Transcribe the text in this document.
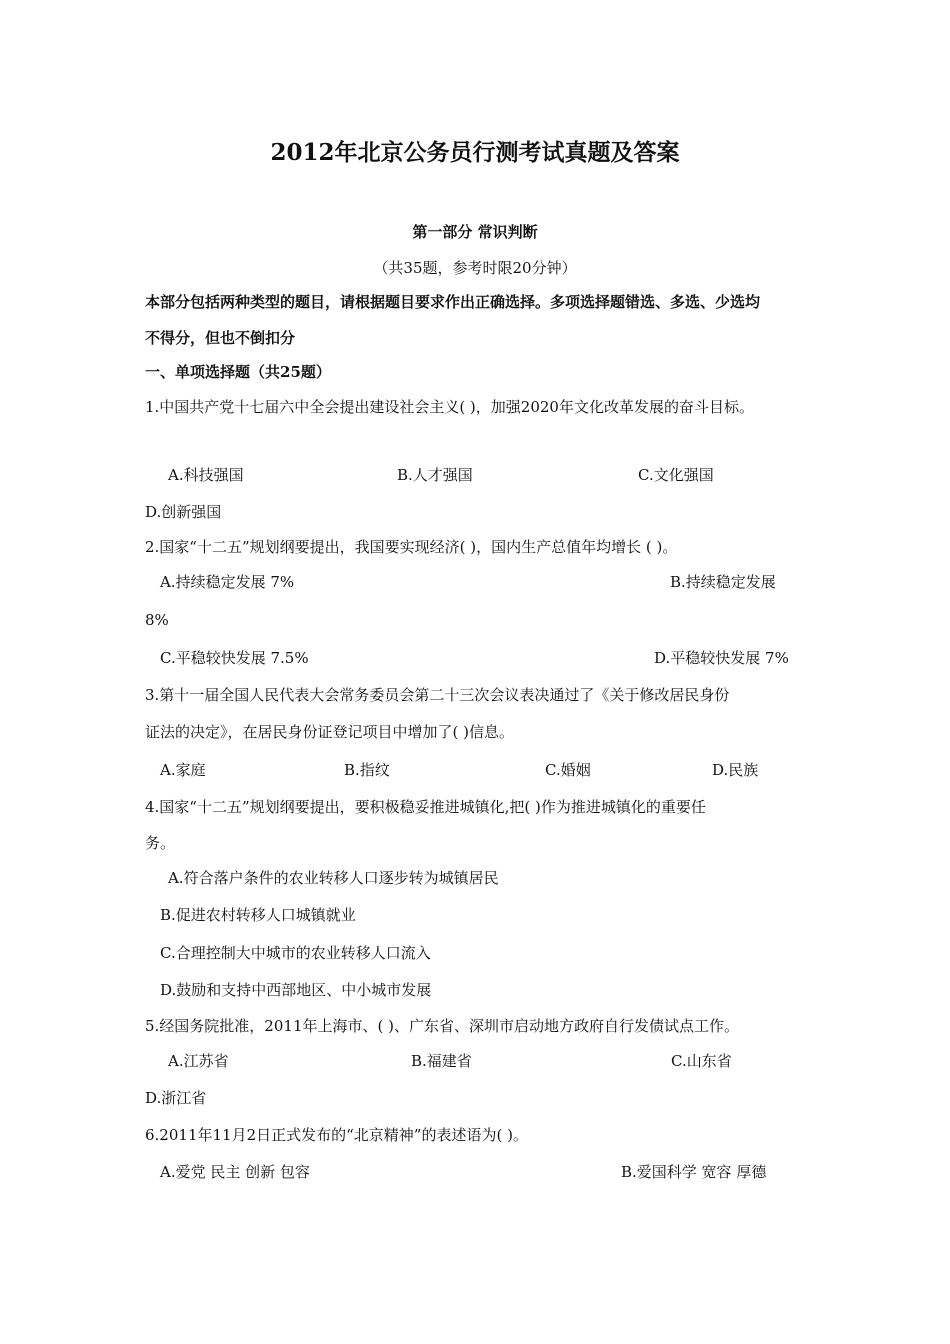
2012年北京公务员行测考试真题及答案
第一部分 常识判断
（共35题，参考时限20分钟）
本部分包括两种类型的题目，请根据题目要求作出正确选择。多项选择题错选、多选、少选均
不得分，但也不倒扣分
一、单项选择题（共25题）
1.中国共产党十七届六中全会提出建设社会主义( )，加强2020年文化改革发展的奋斗目标。
A.科技强国	B.人才强国	C.文化强国
D.创新强国
2.国家“十二五”规划纲要提出，我国要实现经济( )，国内生产总值年均增长 ( )。
A.持续稳定发展 7%	B.持续稳定发展
8%
C.平稳较快发展 7.5%	D.平稳较快发展 7%
3.第十一届全国人民代表大会常务委员会第二十三次会议表决通过了《关于修改居民身份
证法的决定》，在居民身份证登记项目中增加了( )信息。
A.家庭	B.指纹	C.婚姻	D.民族
4.国家“十二五”规划纲要提出，要积极稳妥推进城镇化,把( )作为推进城镇化的重要任
务。
A.符合落户条件的农业转移人口逐步转为城镇居民
B.促进农村转移人口城镇就业
C.合理控制大中城市的农业转移人口流入
D.鼓励和支持中西部地区、中小城市发展
5.经国务院批准，2011年上海市、( )、广东省、深圳市启动地方政府自行发债试点工作。
A.江苏省	B.福建省	C.山东省
D.浙江省
6.2011年11月2日正式发布的“北京精神”的表述语为( )。
A.爱党 民主 创新 包容	B.爱国科学 宽容 厚德
